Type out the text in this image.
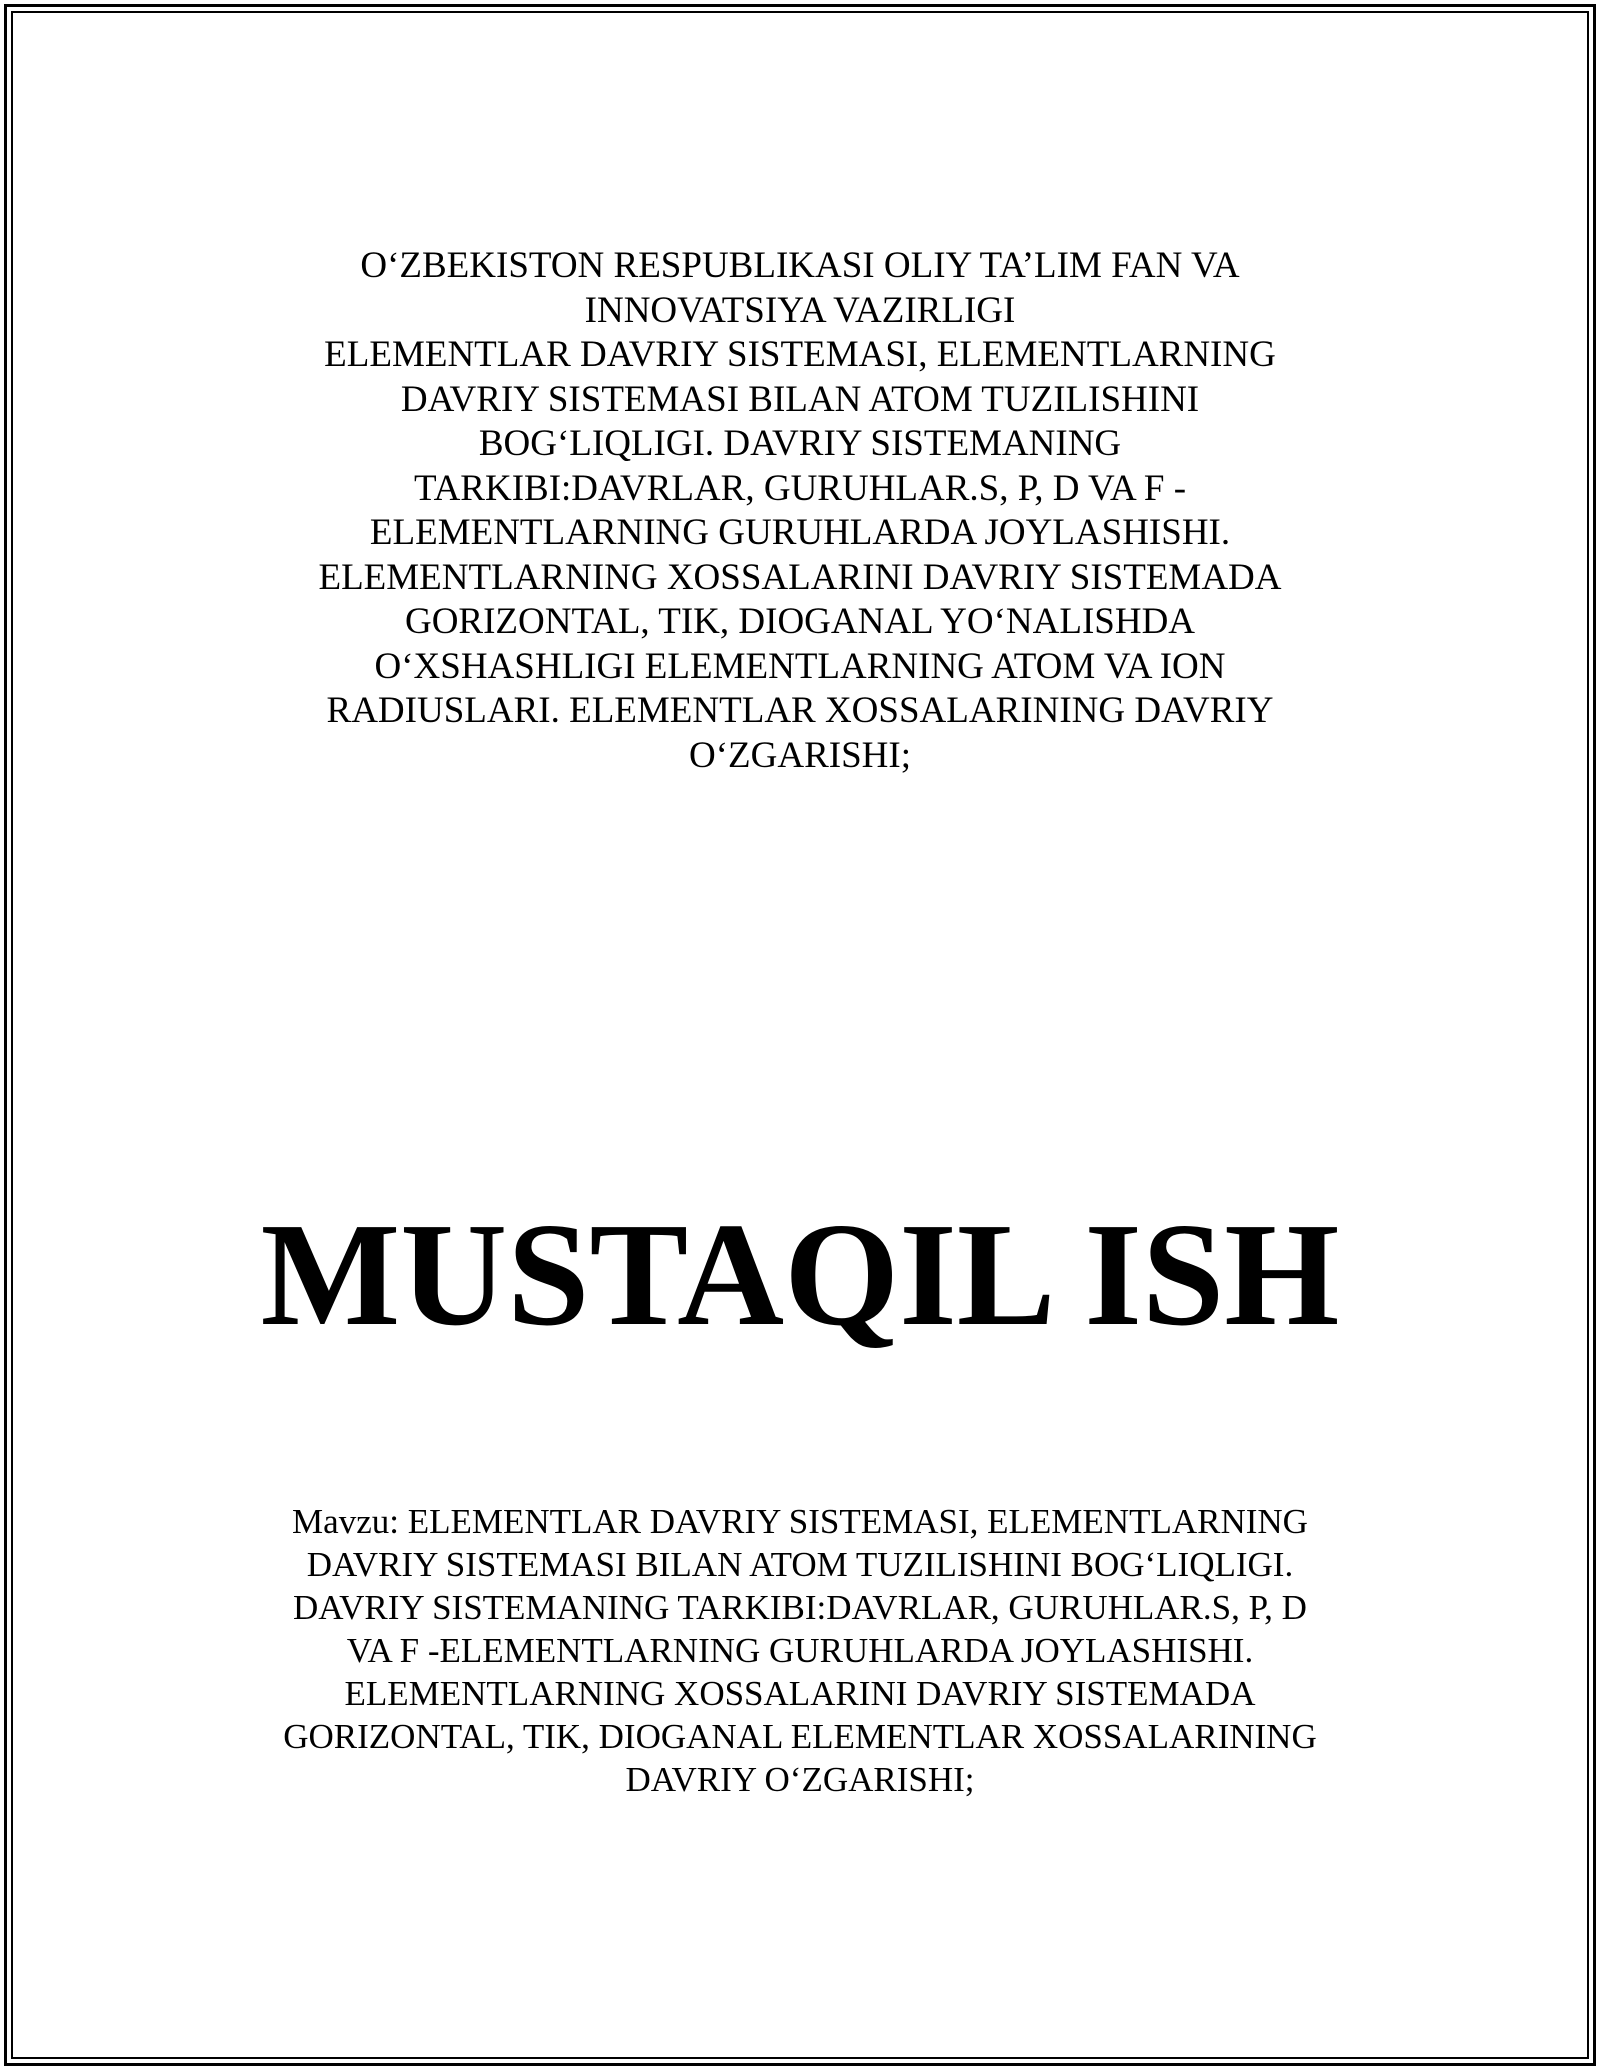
O‘ZBEKISTON RESPUBLIKASI OLIY TA’LIM FAN VA
INNOVATSIYA VAZIRLIGI
ELEMENTLAR DAVRIY SISTEMASI, ELEMENTLARNING
DAVRIY SISTEMASI BILAN ATOM TUZILISHINI
BOG‘LIQLIGI. DAVRIY SISTEMANING
TARKIBI:DAVRLAR, GURUHLAR.S, P, D VA F -
ELEMENTLARNING GURUHLARDA JOYLASHISHI.
ELEMENTLARNING XOSSALARINI DAVRIY SISTEMADA
GORIZONTAL, TIK, DIOGANAL YO‘NALISHDA
O‘XSHASHLIGI ELEMENTLARNING ATOM VA ION
RADIUSLARI. ELEMENTLAR XOSSALARINING DAVRIY
O‘ZGARISHI;

MUSTAQIL ISH

Mavzu: ELEMENTLAR DAVRIY SISTEMASI, ELEMENTLARNING
DAVRIY SISTEMASI BILAN ATOM TUZILISHINI BOG‘LIQLIGI.
DAVRIY SISTEMANING TARKIBI:DAVRLAR, GURUHLAR.S, P, D
VA F -ELEMENTLARNING GURUHLARDA JOYLASHISHI.
ELEMENTLARNING XOSSALARINI DAVRIY SISTEMADA
GORIZONTAL, TIK, DIOGANAL ELEMENTLAR XOSSALARINING
DAVRIY O‘ZGARISHI;
